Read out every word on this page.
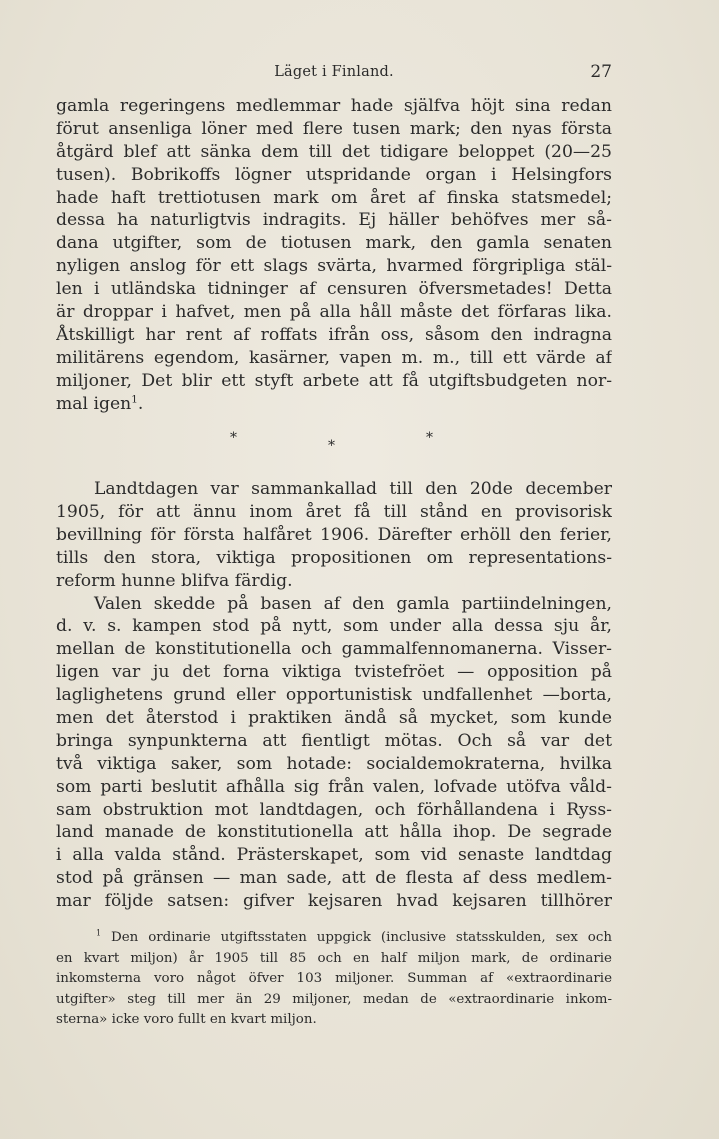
Läget i Finland.	27
gamla regeringens medlemmar hade själfva höjt sina redan
förut ansenliga löner med flere tusen mark; den nyas första
åtgärd blef att sänka dem till det tidigare beloppet (20—25
tusen). Bobrikoffs lögner utspridande organ i Helsingfors
hade haft trettiotusen mark om året af finska statsmedel;
dessa ha naturligtvis indragits. Ej häller behöfves mer så-
dana utgifter, som de tiotusen mark, den gamla senaten
nyligen anslog för ett slags svärta, hvarmed förgripliga stäl-
len i utländska tidninger af censuren öfversmetades! Detta
är droppar i hafvet, men på alla håll måste det förfaras lika.
Åtskilligt har rent af roffats ifrån oss, såsom den indragna
militärens egendom, kasärner, vapen m. m., till ett värde af
miljoner, Det blir ett styft arbete att få utgiftsbudgeten nor-
mal igen$^1$.
*	*	*
Landtdagen var sammankallad till den 20de december
1905, för att ännu inom året få till stånd en provisorisk
bevillning för första halfåret 1906. Därefter erhöll den ferier,
tills den stora, viktiga propositionen om representations-
reform hunne blifva färdig.
Valen skedde på basen af den gamla partiindelningen,
d. v. s. kampen stod på nytt, som under alla dessa sju år,
mellan de konstitutionella och gammalfennomanerna. Visser-
ligen var ju det forna viktiga tvistefröet — opposition på
laglighetens grund eller opportunistisk undfallenhet —borta,
men det återstod i praktiken ändå så mycket, som kunde
bringa synpunkterna att fientligt mötas. Och så var det
två viktiga saker, som hotade: socialdemokraterna, hvilka
som parti beslutit afhålla sig från valen, lofvade utöfva våld-
sam obstruktion mot landtdagen, och förhållandena i Ryss-
land manade de konstitutionella att hålla ihop. De segrade
i alla valda stånd. Prästerskapet, som vid senaste landtdag
stod på gränsen — man sade, att de flesta af dess medlem-
mar följde satsen: gifver kejsaren hvad kejsaren tillhörer
$^1$ Den ordinarie utgiftsstaten uppgick (inclusive statsskulden, sex och
en kvart miljon) år 1905 till 85 och en half miljon mark, de ordinarie
inkomsterna voro något öfver 103 miljoner. Summan af «extraordinarie
utgifter» steg till mer än 29 miljoner, medan de «extraordinarie inkom-
sterna» icke voro fullt en kvart miljon.
